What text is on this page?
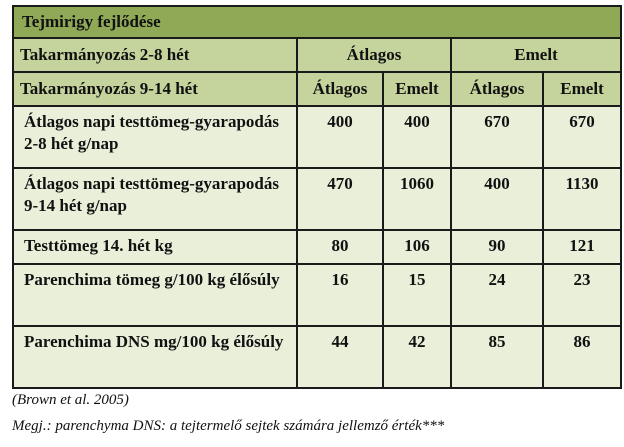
Tejmirigy fejlődése				
Takarmányozás 2-8 hét	Átlagos		Emelt	
Takarmányozás 9-14 hét	Átlagos	Emelt	Átlagos	Emelt
Átlagos napi testtömeg-gyarapodás 2-8 hét g/nap	400	400	670	670
Átlagos napi testtömeg-gyarapodás 9-14 hét g/nap	470	1060	400	1130
Testtömeg 14. hét kg	80	106	90	121
Parenchima tömeg g/100 kg élősúly	16	15	24	23
Parenchima DNS mg/100 kg élősúly	44	42	85	86
(Brown et al. 2005)
Megj.: parenchyma DNS: a tejtermelő sejtek számára jellemző érték***
